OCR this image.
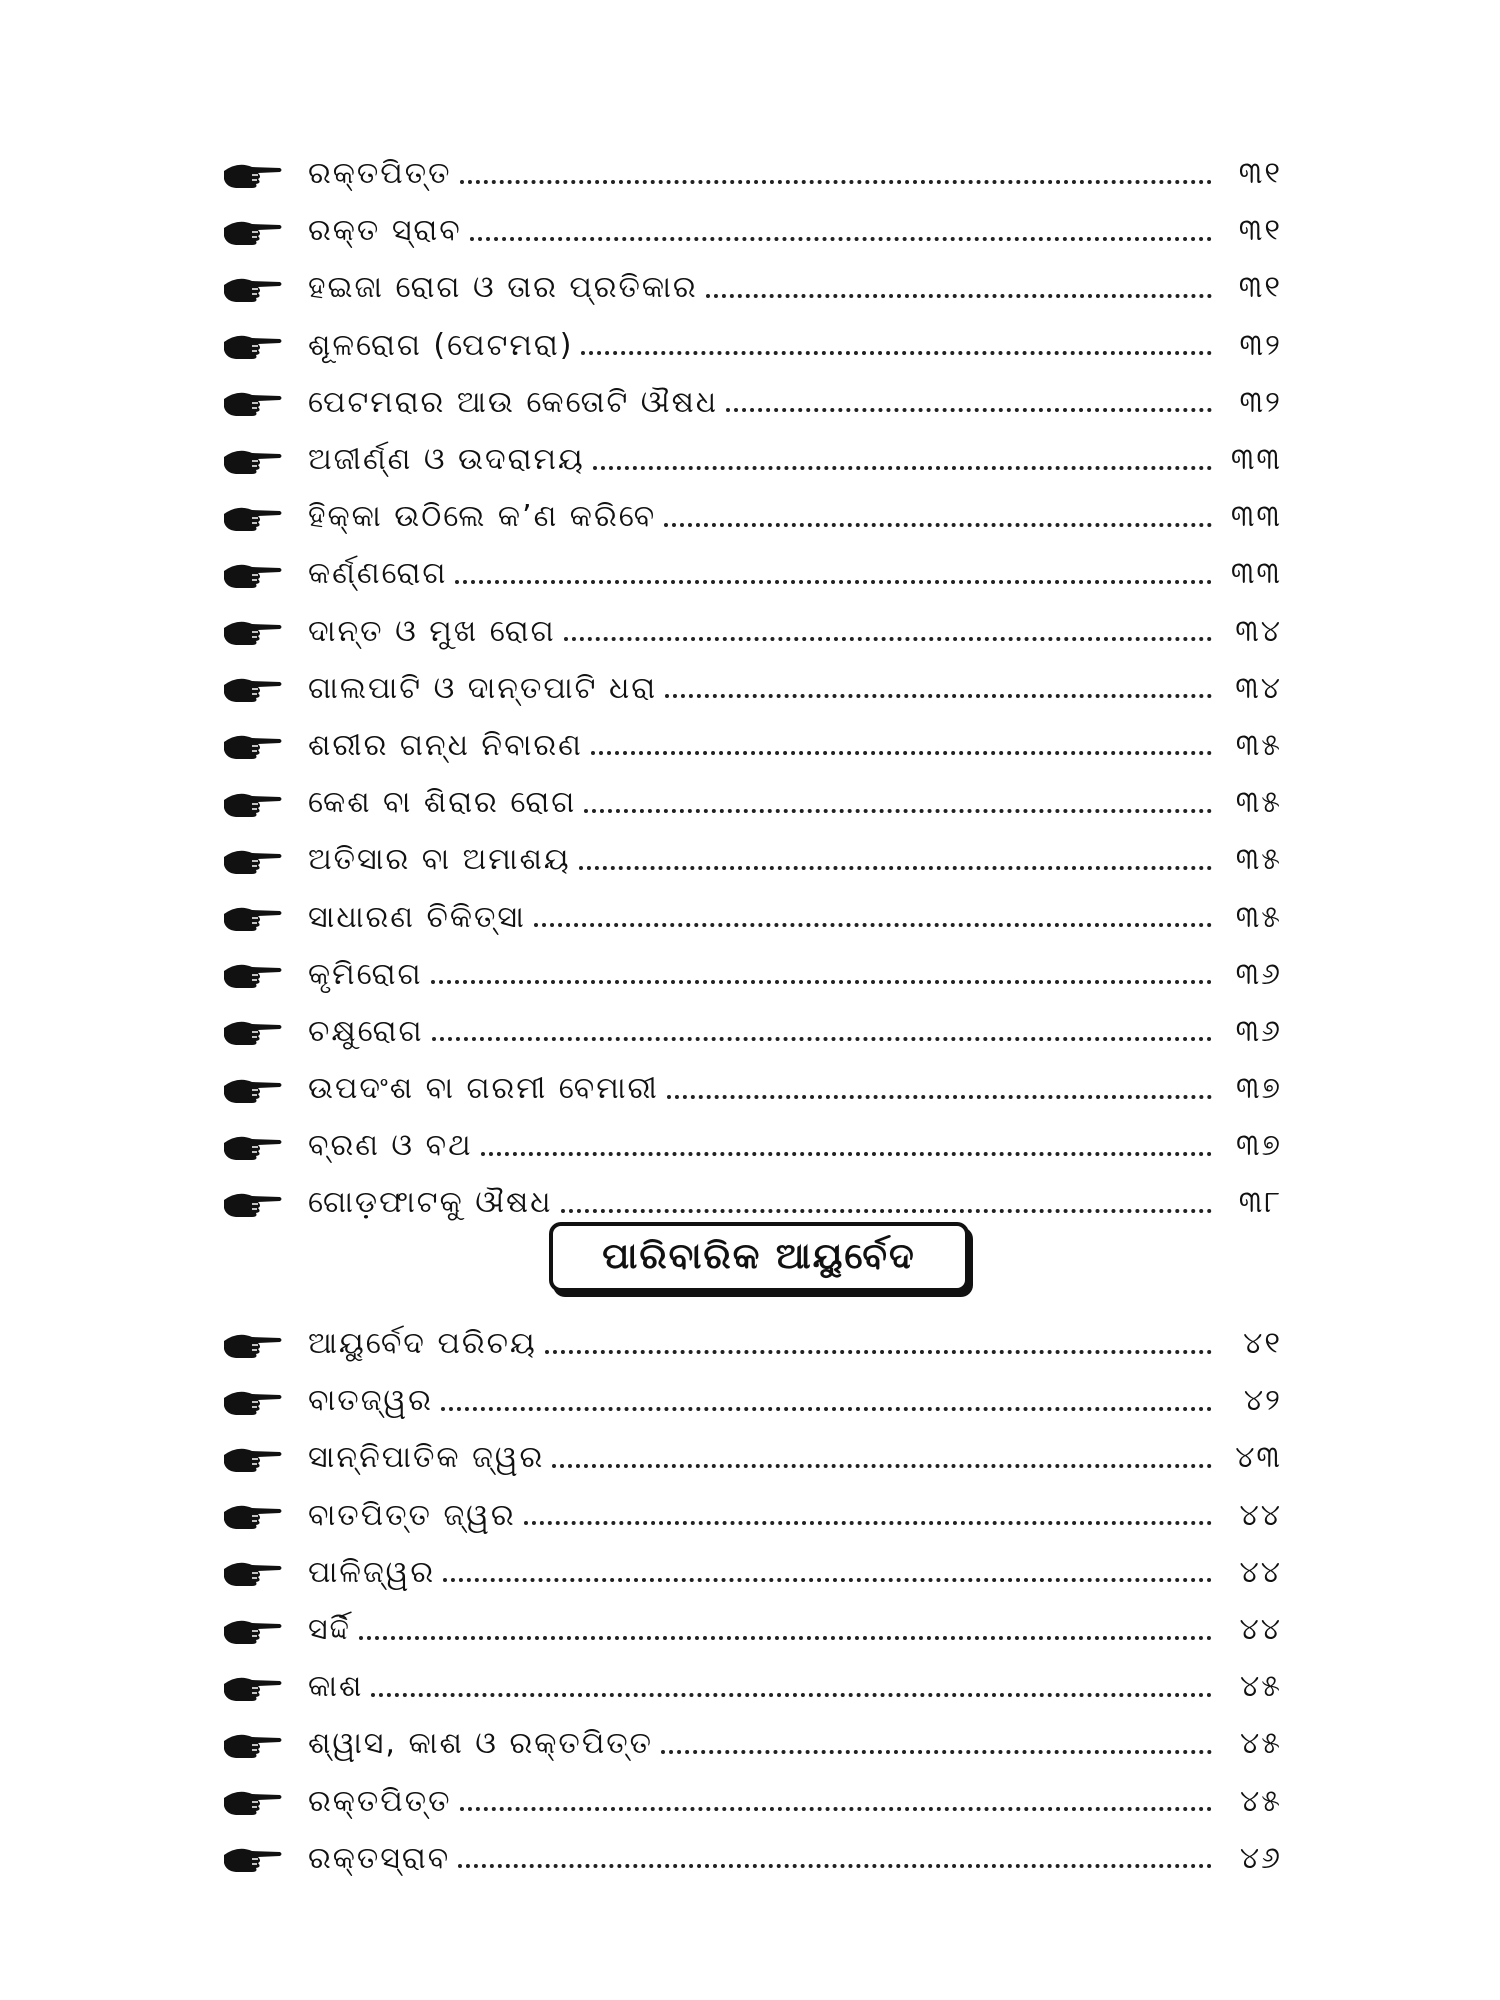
ରକ୍ତପିତ୍ତ	୩୧
ରକ୍ତ ସ୍ରାବ	୩୧
ହଇଜା ରୋଗ ଓ ତାର ପ୍ରତିକାର	୩୧
ଶୂଳରୋଗ (ପେଟମରା)	୩୨
ପେଟମରାର ଆଉ କେତୋଟି ଔଷଧ	୩୨
ଅଜୀର୍ଣ୍ଣ ଓ ଉଦରାମୟ	୩୩
ହିକ୍‌କା ଉଠିଲେ କ’ଣ କରିବେ	୩୩
କର୍ଣ୍ଣରୋଗ	୩୩
ଦାନ୍ତ ଓ ମୁଖ ରୋଗ	୩୪
ଗାଲପାଟି ଓ ଦାନ୍ତପାଟି ଧରା	୩୪
ଶରୀର ଗନ୍ଧ ନିବାରଣ	୩୫
କେଶ ବା ଶିରାର ରୋଗ	୩୫
ଅତିସାର ବା ଅମାଶୟ	୩୫
ସାଧାରଣ ଚିକିତ୍ସା	୩୫
କୃମିରୋଗ	୩୬
ଚକ୍ଷୁରୋଗ	୩୬
ଉପଦଂଶ ବା ଗରମୀ ବେମାରୀ	୩୭
ବ୍ରଣ ଓ ବଥ	୩୭
ଗୋଡ଼ଫାଟକୁ ଔଷଧ	୩୮
ପାରିବାରିକ ଆୟୁର୍ବେଦ
ଆୟୁର୍ବେଦ ପରିଚୟ	୪୧
ବାତଜ୍ୱର	୪୨
ସାନ୍ନିପାତିକ ଜ୍ୱର	୪୩
ବାତପିତ୍ତ ଜ୍ୱର	୪୪
ପାଳିଜ୍ୱର	୪୪
ସର୍ଦ୍ଦି	୪୪
କାଶ	୪୫
ଶ୍ୱାସ, କାଶ ଓ ରକ୍ତପିତ୍ତ	୪୫
ରକ୍ତପିତ୍ତ	୪୫
ରକ୍ତସ୍ରାବ	୪୬
